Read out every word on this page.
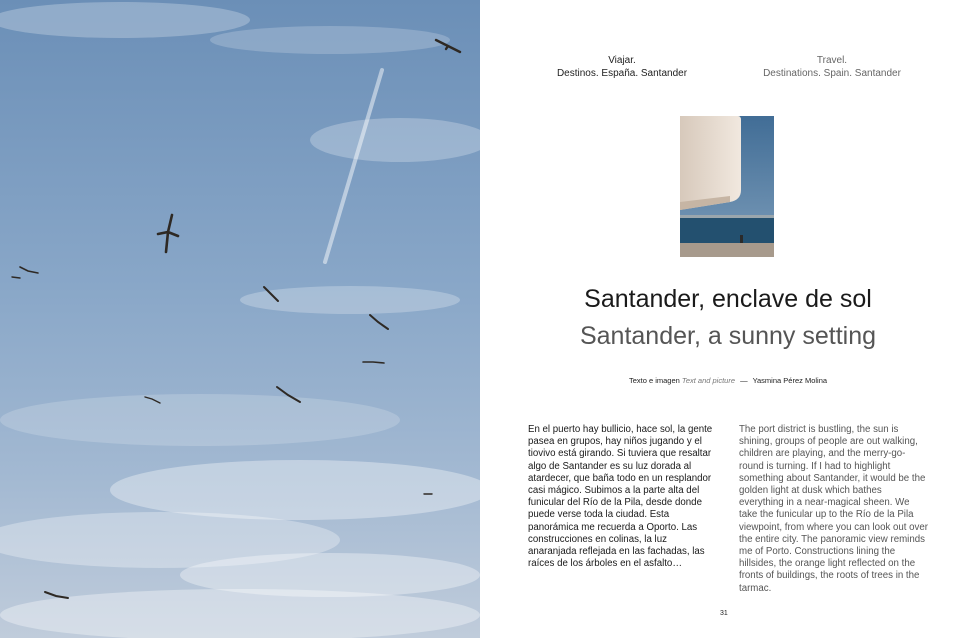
Viajar.
Destinos. España. Santander
Travel.
Destinations. Spain. Santander
Santander, enclave de sol
Santander, a sunny setting
Texto e imagen Text and picture — Yasmina Pérez Molina

En el puerto hay bullicio, hace sol, la gente pasea en grupos, hay niños jugando y el tiovivo está girando. Si tuviera que resaltar algo de Santander es su luz dorada al atardecer, que baña todo en un resplandor casi mágico. Subimos a la parte alta del funicular del Río de la Pila, desde donde puede verse toda la ciudad. Esta panorámica me recuerda a Oporto. Las construcciones en colinas, la luz anaranjada reflejada en las fachadas, las raíces de los árboles en el asfalto…

The port district is bustling, the sun is shining, groups of people are out walking, children are playing, and the merry-go-round is turning. If I had to highlight something about Santander, it would be the golden light at dusk which bathes everything in a near-magical sheen. We take the funicular up to the Río de la Pila viewpoint, from where you can look out over the entire city. The panoramic view reminds me of Porto. Constructions lining the hillsides, the orange light reflected on the fronts of buildings, the roots of trees in the tarmac.

31
